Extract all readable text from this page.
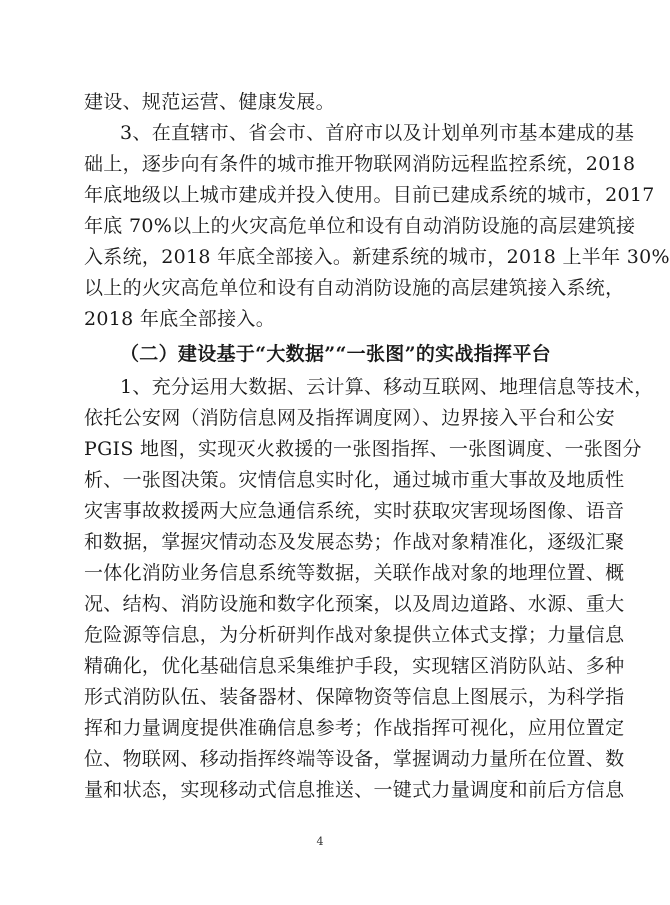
建设、规范运营、健康发展。
3、在直辖市、省会市、首府市以及计划单列市基本建成的基
础上，逐步向有条件的城市推开物联网消防远程监控系统，2018
年底地级以上城市建成并投入使用。目前已建成系统的城市，2017
年底 70%以上的火灾高危单位和设有自动消防设施的高层建筑接
入系统，2018 年底全部接入。新建系统的城市，2018 上半年 30%
以上的火灾高危单位和设有自动消防设施的高层建筑接入系统，
2018 年底全部接入。
（二）建设基于“大数据”“一张图”的实战指挥平台
1、充分运用大数据、云计算、移动互联网、地理信息等技术，
依托公安网（消防信息网及指挥调度网）、边界接入平台和公安
PGIS 地图，实现灭火救援的一张图指挥、一张图调度、一张图分
析、一张图决策。灾情信息实时化，通过城市重大事故及地质性
灾害事故救援两大应急通信系统，实时获取灾害现场图像、语音
和数据，掌握灾情动态及发展态势；作战对象精准化，逐级汇聚
一体化消防业务信息系统等数据，关联作战对象的地理位置、概
况、结构、消防设施和数字化预案，以及周边道路、水源、重大
危险源等信息，为分析研判作战对象提供立体式支撑；力量信息
精确化，优化基础信息采集维护手段，实现辖区消防队站、多种
形式消防队伍、装备器材、保障物资等信息上图展示，为科学指
挥和力量调度提供准确信息参考；作战指挥可视化，应用位置定
位、物联网、移动指挥终端等设备，掌握调动力量所在位置、数
量和状态，实现移动式信息推送、一键式力量调度和前后方信息
4
